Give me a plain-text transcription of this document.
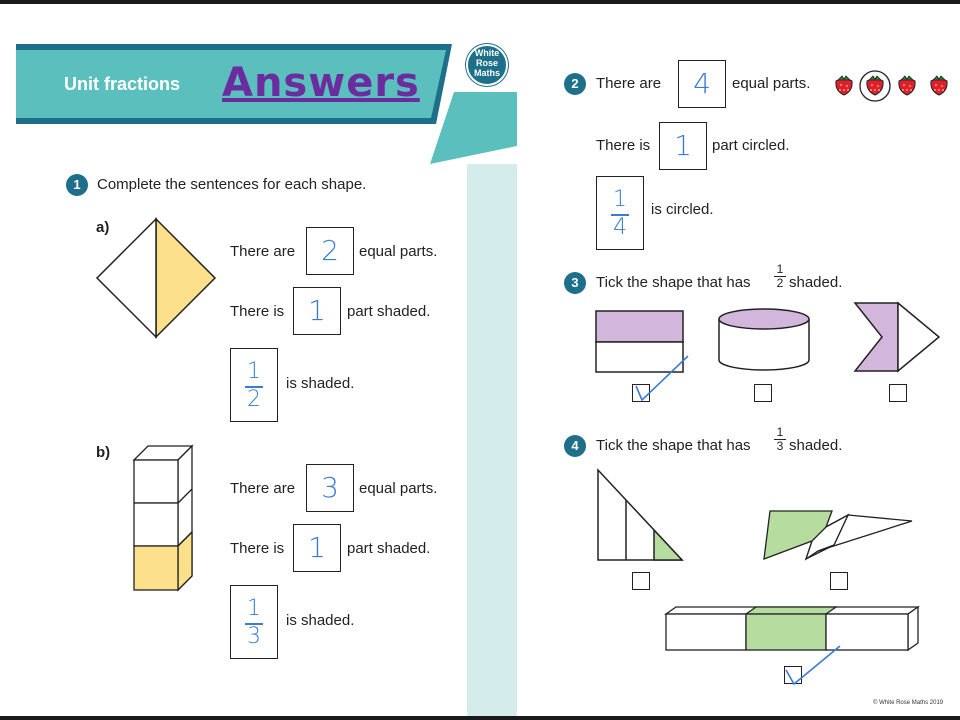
Unit fractions Answers
White
Rose
Maths
1	Complete the sentences for each shape.
a)
There are 2	equal parts.
There is 1	part shaded.
1
2
is shaded.
b)
There are 3	equal parts.
There is 1	part shaded.
1
3
is shaded.
2	There are	4	equal parts.
There is 1	part circled.
1
4
is circled.
3	Tick the shape that has
1
2 shaded.
4	Tick the shape that has
1
3 shaded.
© White Rose Maths 2019
